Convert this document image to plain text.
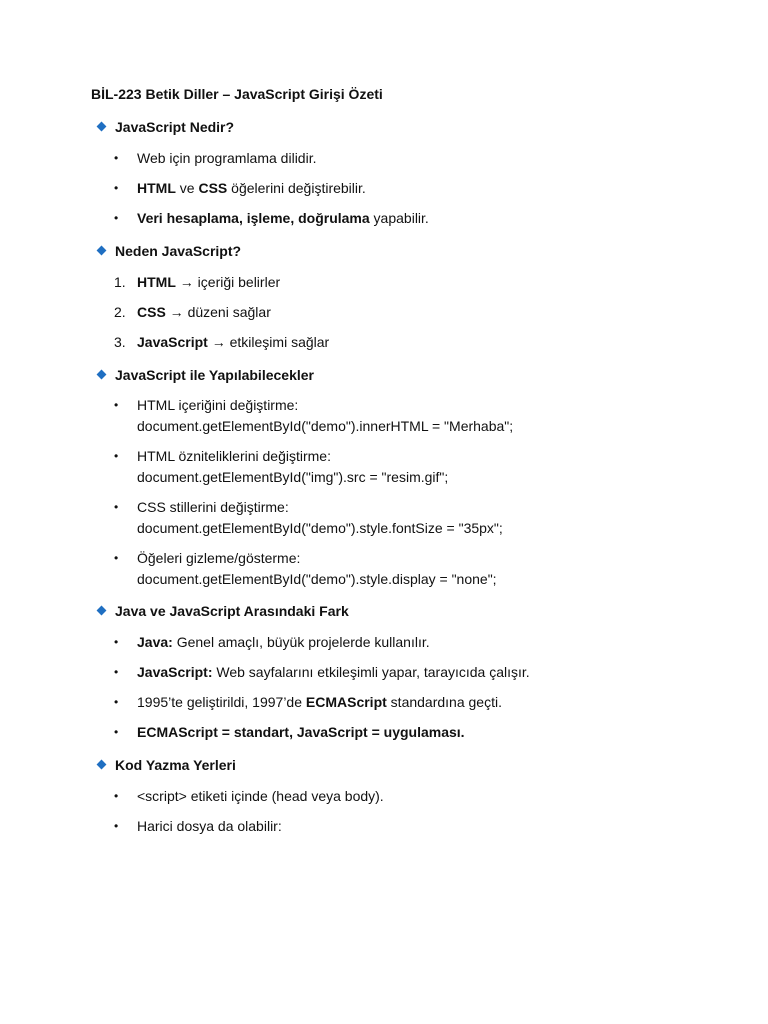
BİL-223 Betik Diller – JavaScript Girişi Özeti
JavaScript Nedir?
• Web için programlama dilidir.
• HTML ve CSS öğelerini değiştirebilir.
• Veri hesaplama, işleme, doğrulama yapabilir.
Neden JavaScript?
1. HTML → içeriği belirler
2. CSS → düzeni sağlar
3. JavaScript → etkileşimi sağlar
JavaScript ile Yapılabilecekler
• HTML içeriğini değiştirme:
document.getElementById("demo").innerHTML = "Merhaba";
• HTML özniteliklerini değiştirme:
document.getElementById("img").src = "resim.gif";
• CSS stillerini değiştirme:
document.getElementById("demo").style.fontSize = "35px";
• Öğeleri gizleme/gösterme:
document.getElementById("demo").style.display = "none";
Java ve JavaScript Arasındaki Fark
• Java: Genel amaçlı, büyük projelerde kullanılır.
• JavaScript: Web sayfalarını etkileşimli yapar, tarayıcıda çalışır.
• 1995’te geliştirildi, 1997’de ECMAScript standardına geçti.
• ECMAScript = standart, JavaScript = uygulaması.
Kod Yazma Yerleri
• <script> etiketi içinde (head veya body).
• Harici dosya da olabilir:
